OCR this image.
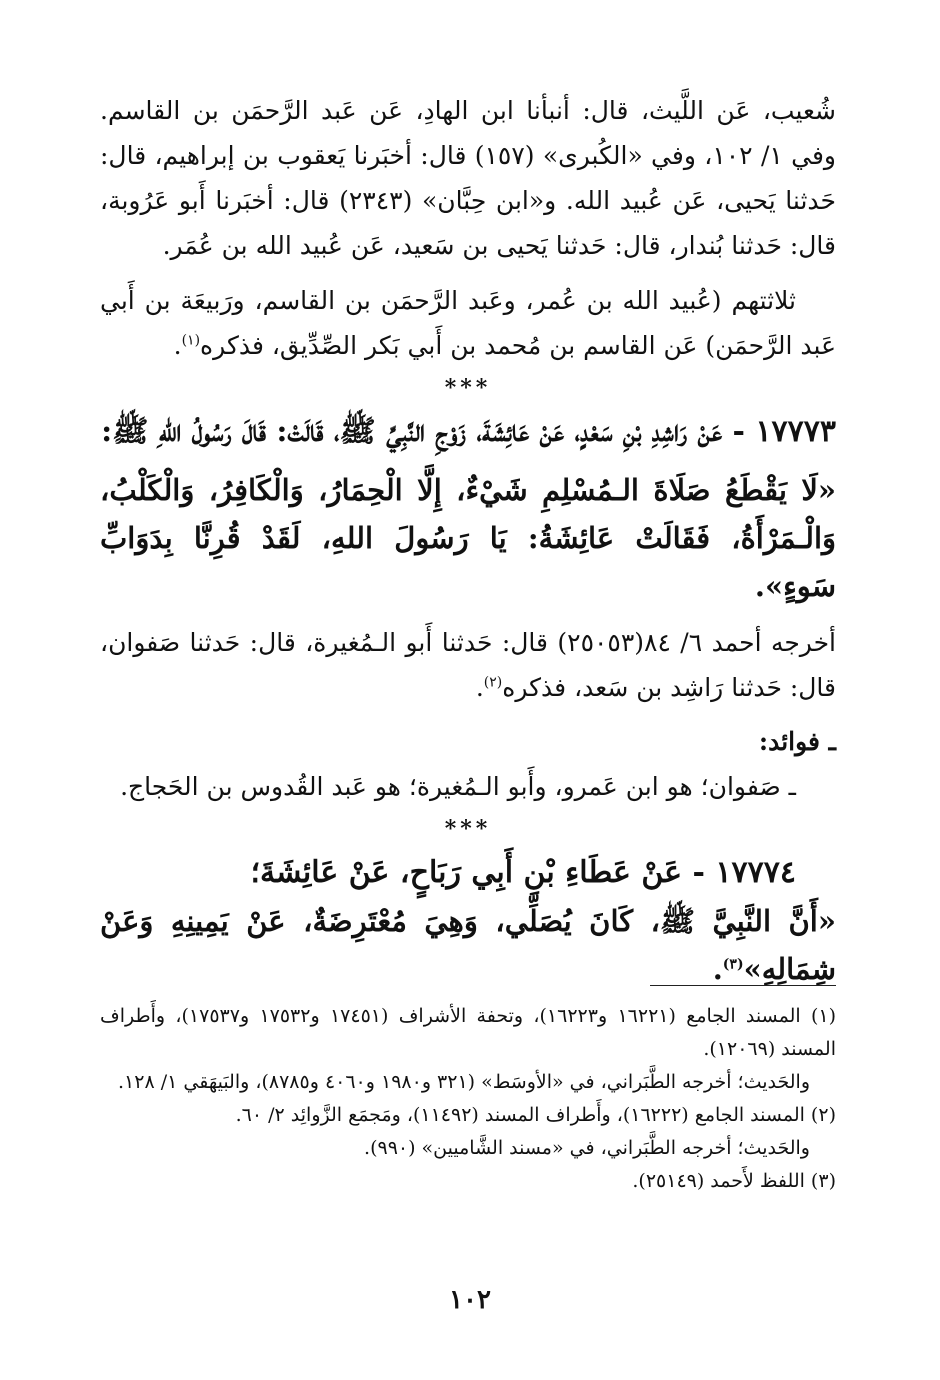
شُعيب، عَن اللَّيث، قال: أنبأنا ابن الهادِ، عَن عَبد الرَّحمَن بن القاسم. وفي ١/ ١٠٢، وفي «الكُبرى» (١٥٧) قال: أخبَرنا يَعقوب بن إبراهيم، قال: حَدثنا يَحيى، عَن عُبيد الله. و«ابن حِبَّان» (٢٣٤٣) قال: أخبَرنا أَبو عَرُوبة، قال: حَدثنا بُندار، قال: حَدثنا يَحيى بن سَعيد، عَن عُبيد الله بن عُمَر.

ثلاثتهم (عُبيد الله بن عُمر، وعَبد الرَّحمَن بن القاسم، ورَبيعَة بن أَبي عَبد الرَّحمَن) عَن القاسم بن مُحمد بن أَبي بَكر الصِّدِّيق، فذكره$^{(١)}$.

***

١٧٧٧٣ - عَنْ رَاشِدِ بْنِ سَعْدٍ، عَنْ عَائِشَةَ، زَوْجِ النَّبِيِّ ﷺ، قَالَتْ: قَالَ رَسُولُ اللهِ ﷺ:

«لَا يَقْطَعُ صَلَاةَ الـمُسْلِمِ شَيْءٌ، إِلَّا الْحِمَارُ، وَالْكَافِرُ، وَالْكَلْبُ، وَالْـمَرْأَةُ، فَقَالَتْ عَائِشَةُ: يَا رَسُولَ اللهِ، لَقَدْ قُرِنَّا بِدَوَابِّ سَوءٍ».

أخرجه أحمد ٦/ ٨٤(٢٥٠٥٣) قال: حَدثنا أَبو الـمُغيرة، قال: حَدثنا صَفوان، قال: حَدثنا رَاشِد بن سَعد، فذكره$^{(٢)}$.

ـ فوائد:

ـ صَفوان؛ هو ابن عَمرو، وأَبو الـمُغيرة؛ هو عَبد القُدوس بن الحَجاج.

***

١٧٧٧٤ - عَنْ عَطَاءِ بْنِ أَبِي رَبَاحٍ، عَنْ عَائِشَةَ؛

«أَنَّ النَّبِيَّ ﷺ، كَانَ يُصَلِّي، وَهِيَ مُعْتَرِضَةٌ، عَنْ يَمِينِهِ وَعَنْ شِمَالِهِ»$^{(٣)}$.

(١) المسند الجامع (١٦٢٢١ و١٦٢٢٣)، وتحفة الأشراف (١٧٤٥١ و١٧٥٣٢ و١٧٥٣٧)، وأَطراف المسند (١٢٠٦٩).

والحَديث؛ أخرجه الطَّبَراني، في «الأوسَط» (٣٢١ و١٩٨٠ و٤٠٦٠ و٨٧٨٥)، والبَيهَقي ١/ ١٢٨.

(٢) المسند الجامع (١٦٢٢٢)، وأَطراف المسند (١١٤٩٢)، ومَجمَع الزَّوائِد ٢/ ٦٠.

والحَديث؛ أخرجه الطَّبَراني، في «مسند الشَّاميين» (٩٩٠).

(٣) اللفظ لأَحمد (٢٥١٤٩).

١٠٢
